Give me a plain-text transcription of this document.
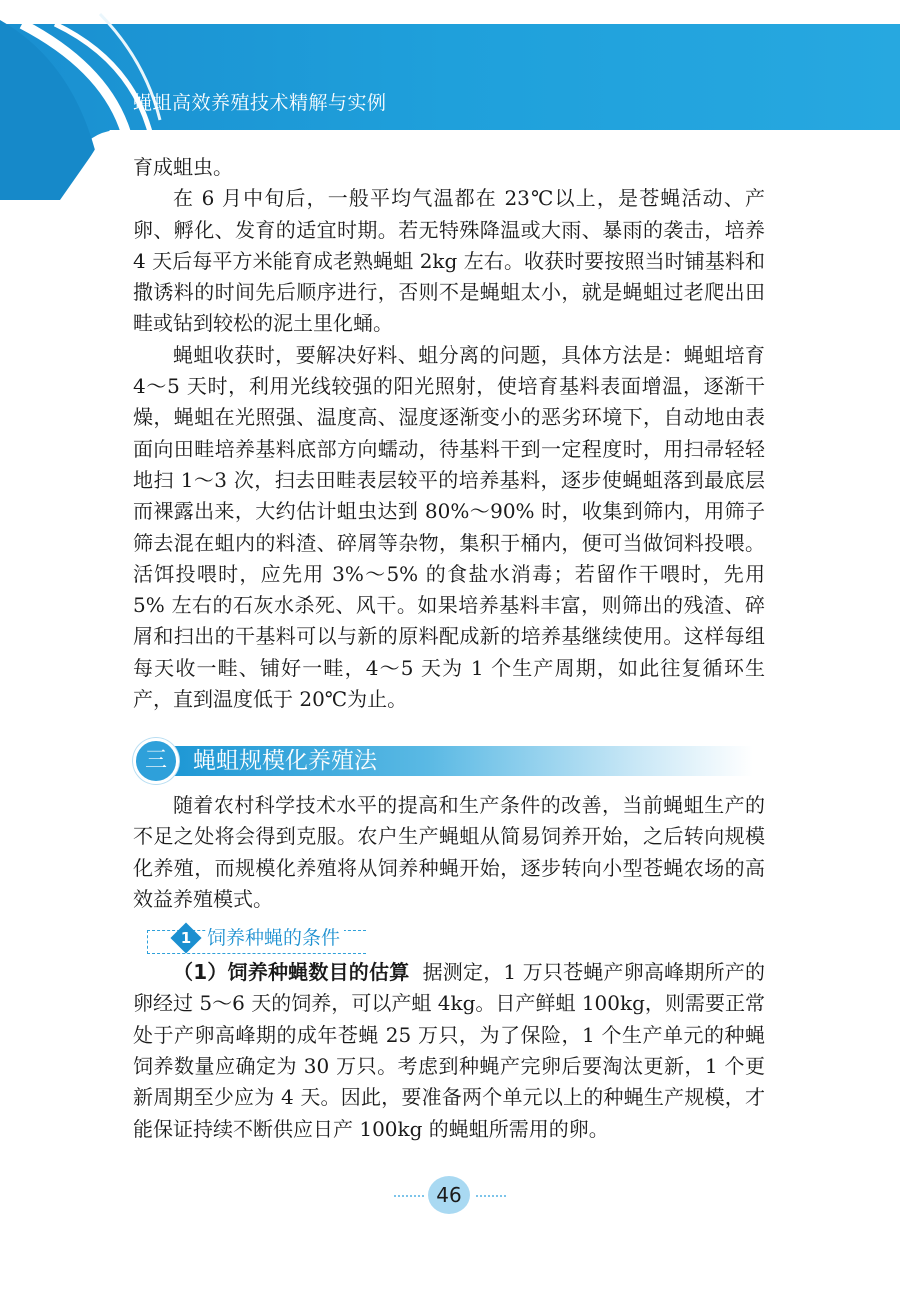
蝇蛆高效养殖技术精解与实例

育成蛆虫。

在 6 月中旬后，一般平均气温都在 23℃以上，是苍蝇活动、产卵、孵化、发育的适宜时期。若无特殊降温或大雨、暴雨的袭击，培养 4 天后每平方米能育成老熟蝇蛆 2kg 左右。收获时要按照当时铺基料和撒诱料的时间先后顺序进行，否则不是蝇蛆太小，就是蝇蛆过老爬出田畦或钻到较松的泥土里化蛹。

蝇蛆收获时，要解决好料、蛆分离的问题，具体方法是：蝇蛆培育 4～5 天时，利用光线较强的阳光照射，使培育基料表面增温，逐渐干燥，蝇蛆在光照强、温度高、湿度逐渐变小的恶劣环境下，自动地由表面向田畦培养基料底部方向蠕动，待基料干到一定程度时，用扫帚轻轻地扫 1～3 次，扫去田畦表层较平的培养基料，逐步使蝇蛆落到最底层而裸露出来，大约估计蛆虫达到 80%～90% 时，收集到筛内，用筛子筛去混在蛆内的料渣、碎屑等杂物，集积于桶内，便可当做饲料投喂。活饵投喂时，应先用 3%～5% 的食盐水消毒；若留作干喂时，先用 5% 左右的石灰水杀死、风干。如果培养基料丰富，则筛出的残渣、碎屑和扫出的干基料可以与新的原料配成新的培养基继续使用。这样每组每天收一畦、铺好一畦，4～5 天为 1 个生产周期，如此往复循环生产，直到温度低于 20℃为止。

三	蝇蛆规模化养殖法

随着农村科学技术水平的提高和生产条件的改善，当前蝇蛆生产的不足之处将会得到克服。农户生产蝇蛆从简易饲养开始，之后转向规模化养殖，而规模化养殖将从饲养种蝇开始，逐步转向小型苍蝇农场的高效益养殖模式。

1 饲养种蝇的条件

（1）饲养种蝇数目的估算 据测定，1 万只苍蝇产卵高峰期所产的卵经过 5～6 天的饲养，可以产蛆 4kg。日产鲜蛆 100kg，则需要正常处于产卵高峰期的成年苍蝇 25 万只，为了保险，1 个生产单元的种蝇饲养数量应确定为 30 万只。考虑到种蝇产完卵后要淘汰更新，1 个更新周期至少应为 4 天。因此，要准备两个单元以上的种蝇生产规模，才能保证持续不断供应日产 100kg 的蝇蛆所需用的卵。

46
